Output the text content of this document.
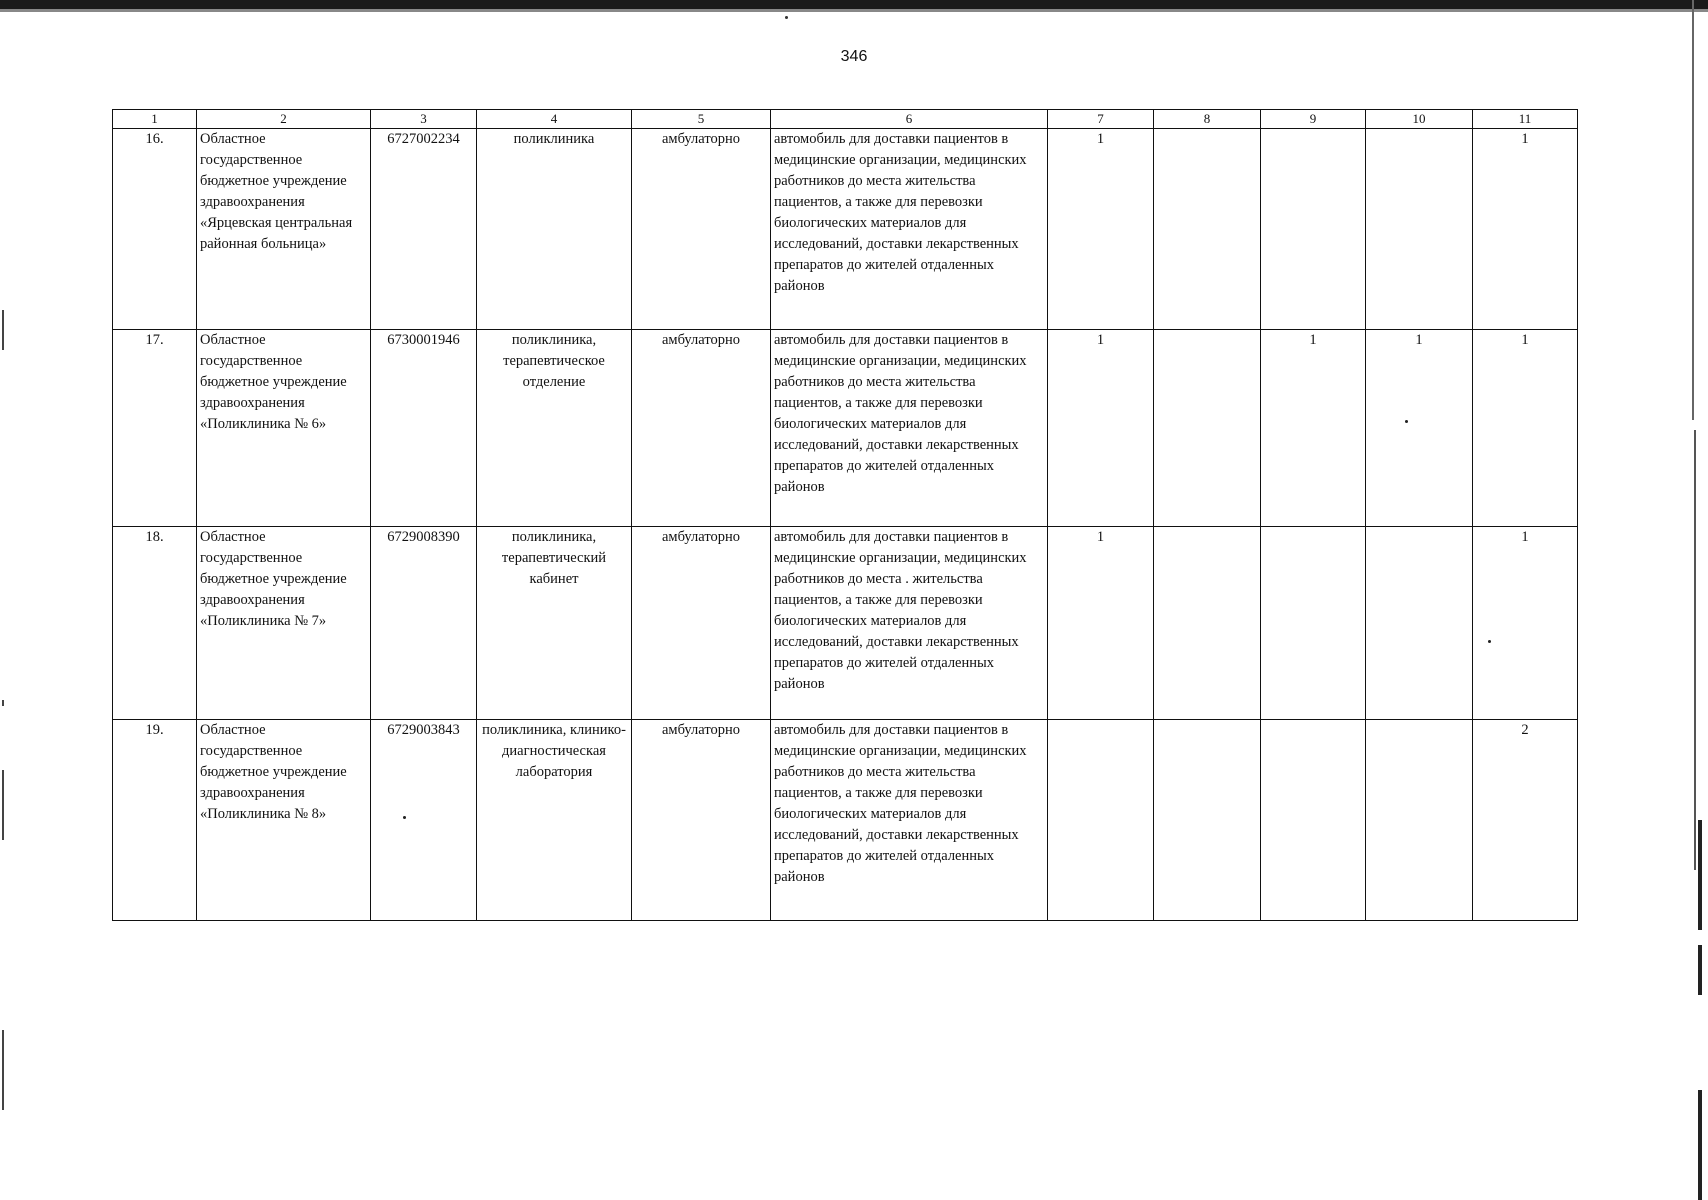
346
1	2	3	4	5	6	7	8	9	10	11
16.	Областное государственное бюджетное учреждение здравоохранения «Ярцевская центральная районная больница»	6727002234	поликлиника	амбулаторно	автомобиль для доставки пациентов в медицинские организации, медицинских работников до места жительства пациентов, а также для перевозки биологических материалов для исследований, доставки лекарственных препаратов до жителей отдаленных районов	1				1
17.	Областное государственное бюджетное учреждение здравоохранения «Поликлиника № 6»	6730001946	поликлиника, терапевтическое отделение	амбулаторно	автомобиль для доставки пациентов в медицинские организации, медицинских работников до места жительства пациентов, а также для перевозки биологических материалов для исследований, доставки лекарственных препаратов до жителей отдаленных районов	1		1	1	1
18.	Областное государственное бюджетное учреждение здравоохранения «Поликлиника № 7»	6729008390	поликлиника, терапевтический кабинет	амбулаторно	автомобиль для доставки пациентов в медицинские организации, медицинских работников до места . жительства пациентов, а также для перевозки биологических материалов для исследований, доставки лекарственных препаратов до жителей отдаленных районов	1				1
19.	Областное государственное бюджетное учреждение здравоохранения «Поликлиника № 8»	6729003843	поликлиника, клинико-диагностическая лаборатория	амбулаторно	автомобиль для доставки пациентов в медицинские организации, медицинских работников до места жительства пациентов, а также для перевозки биологических материалов для исследований, доставки лекарственных препаратов до жителей отдаленных районов					2
